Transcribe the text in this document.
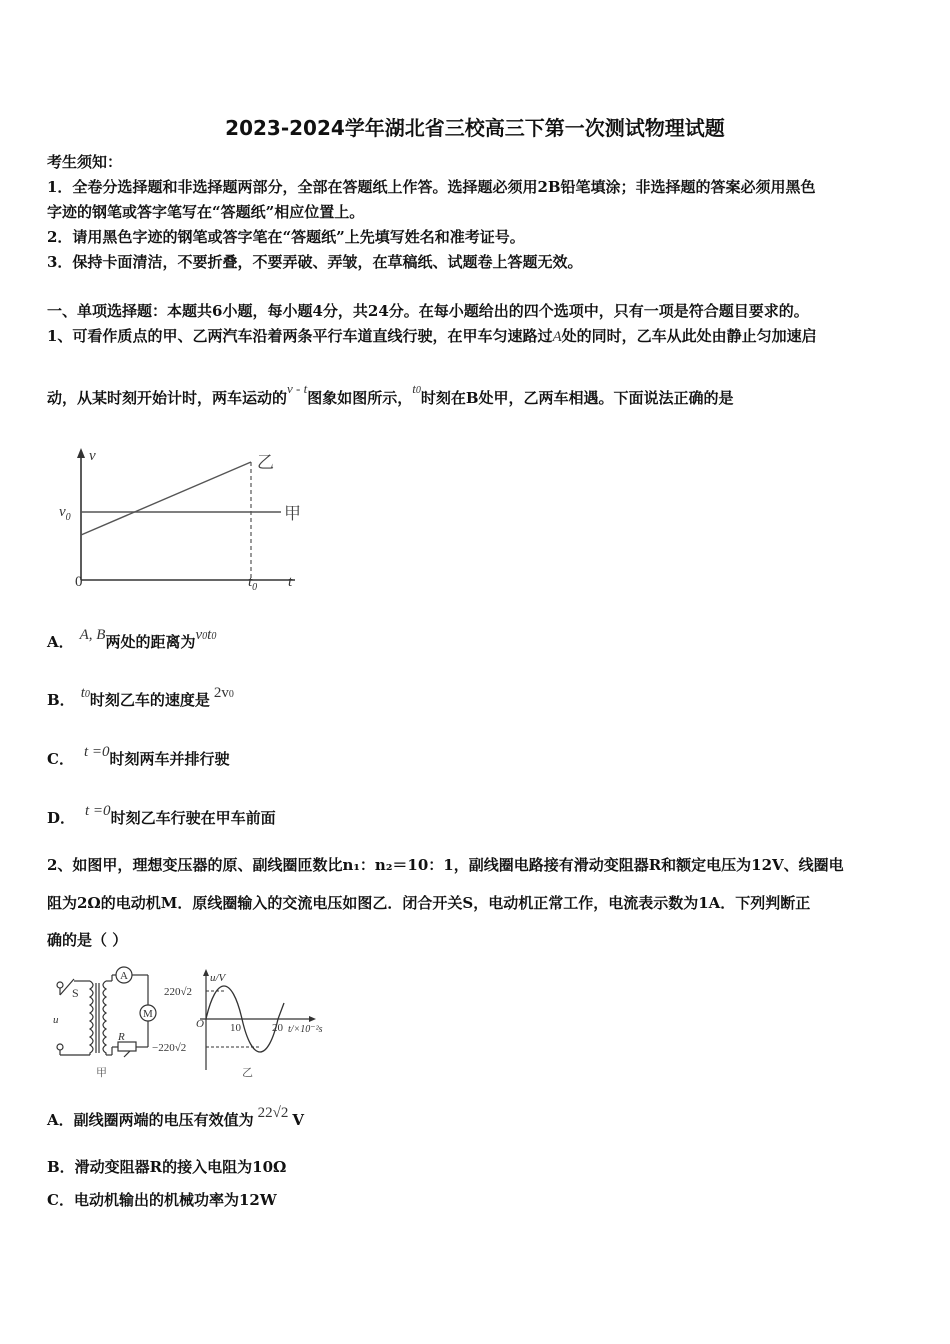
2023-2024学年湖北省三校高三下第一次测试物理试题
考生须知：
1．全卷分选择题和非选择题两部分，全部在答题纸上作答。选择题必须用2B铅笔填涂；非选择题的答案必须用黑色
字迹的钢笔或答字笔写在“答题纸”相应位置上。
2．请用黑色字迹的钢笔或答字笔在“答题纸”上先填写姓名和准考证号。
3．保持卡面清洁，不要折叠，不要弄破、弄皱，在草稿纸、试题卷上答题无效。
一、单项选择题：本题共6小题，每小题4分，共24分。在每小题给出的四个选项中，只有一项是符合题目要求的。
1、可看作质点的甲、乙两汽车沿着两条平行车道直线行驶，在甲车匀速路过A处的同时，乙车从此处由静止匀加速启
动，从某时刻开始计时，两车运动的v - t图象如图所示，t0时刻在B处甲，乙两车相遇。下面说法正确的是
v
$v_0$
0	t
$t_0$
甲
乙
A． A, B两处的距离为v0t0
B． t0时刻乙车的速度是 2v0
C． t =0时刻两车并排行驶
D． t =0时刻乙车行驶在甲车前面
2、如图甲，理想变压器的原、副线圈匝数比n₁：n₂＝10：1，副线圈电路接有滑动变阻器R和额定电压为12V、线圈电
阻为2Ω的电动机M．原线圈输入的交流电压如图乙．闭合开关S，电动机正常工作，电流表示数为1A．下列判断正
确的是（ ）
S
A
M
R
u
甲
u/V
220√2
−220√2
O 10	20 t/×10⁻²s
乙
A．副线圈两端的电压有效值为 22√2 V
B．滑动变阻器R的接入电阻为10Ω
C．电动机输出的机械功率为12W
